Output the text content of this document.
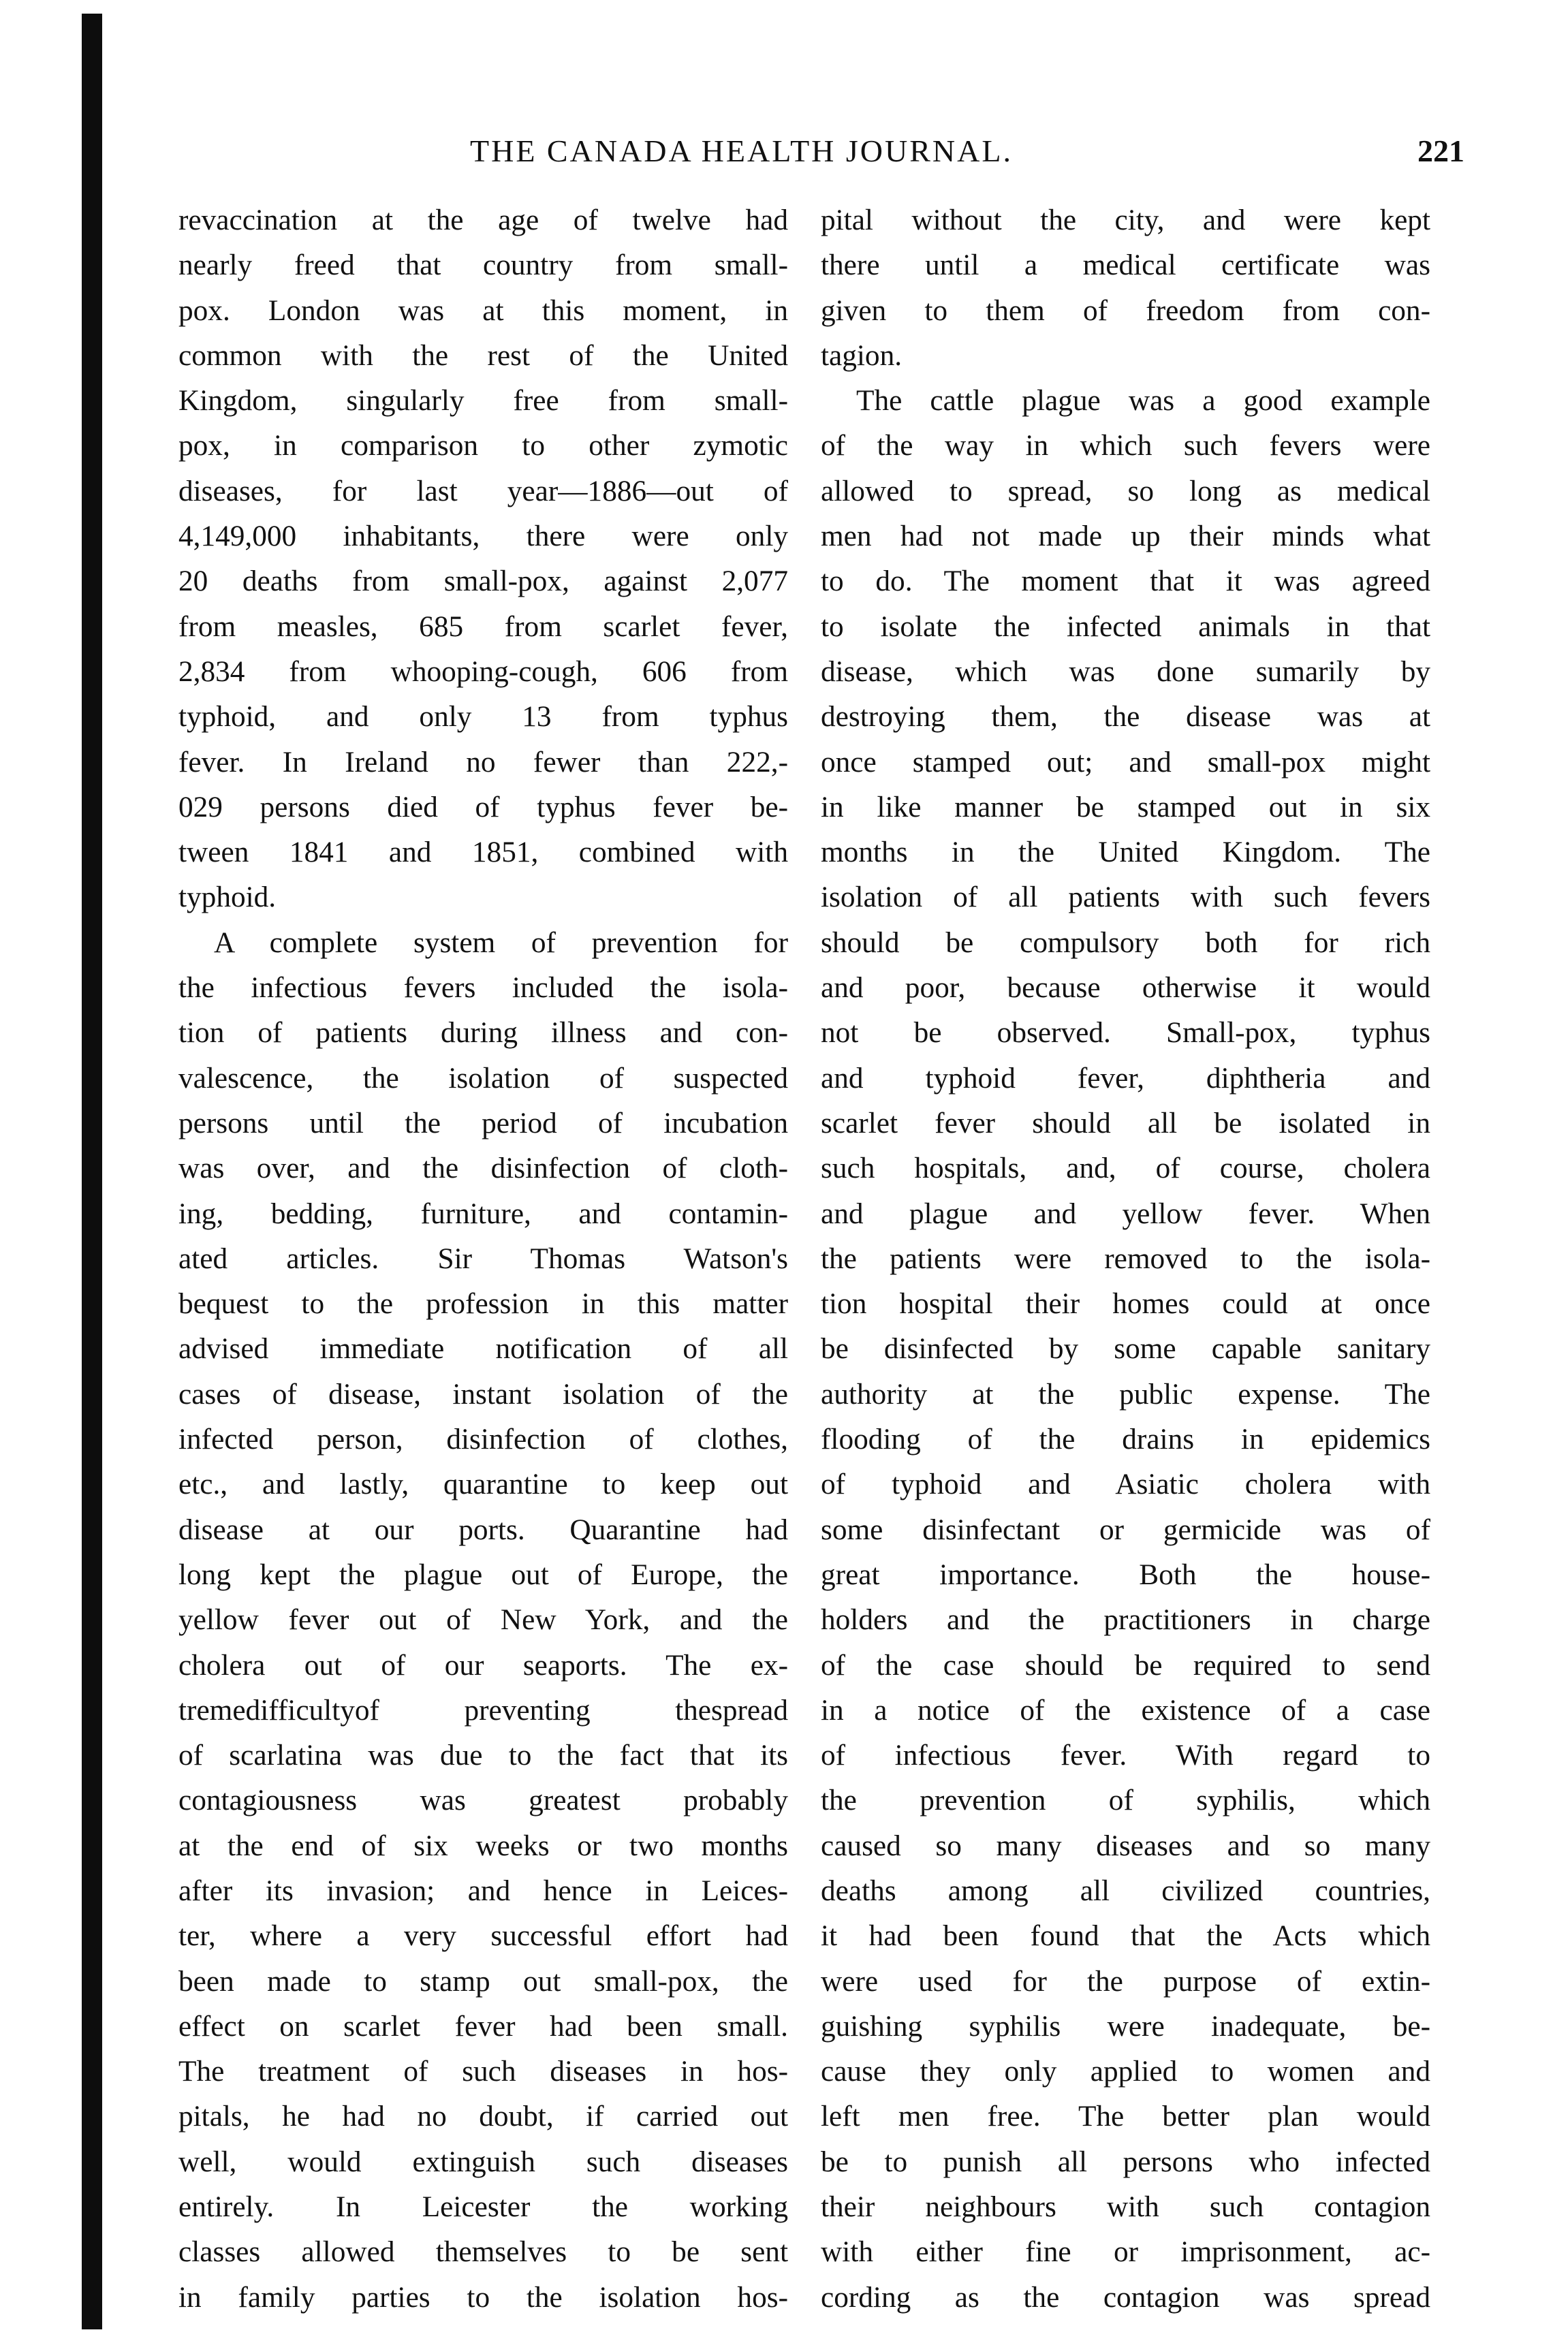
THE CANADA HEALTH JOURNAL.	221
revaccination at the age of twelve had
nearly freed that country from small-
pox. London was at this moment, in
common with the rest of the United
Kingdom, singularly free from small-
pox, in comparison to other zymotic
diseases, for last year—1886—out of
4,149,000 inhabitants, there were only
20 deaths from small-pox, against 2,077
from measles, 685 from scarlet fever,
2,834 from whooping-cough, 606 from
typhoid, and only 13 from typhus
fever. In Ireland no fewer than 222,-
029 persons died of typhus fever be-
tween 1841 and 1851, combined with
typhoid.
A complete system of prevention for
the infectious fevers included the isola-
tion of patients during illness and con-
valescence, the isolation of suspected
persons until the period of incubation
was over, and the disinfection of cloth-
ing, bedding, furniture, and contamin-
ated articles. Sir Thomas Watson's
bequest to the profession in this matter
advised immediate notification of all
cases of disease, instant isolation of the
infected person, disinfection of clothes,
etc., and lastly, quarantine to keep out
disease at our ports. Quarantine had
long kept the plague out of Europe, the
yellow fever out of New York, and the
cholera out of our seaports. The ex-
tremedifficultyof preventing thespread
of scarlatina was due to the fact that its
contagiousness was greatest probably
at the end of six weeks or two months
after its invasion; and hence in Leices-
ter, where a very successful effort had
been made to stamp out small-pox, the
effect on scarlet fever had been small.
The treatment of such diseases in hos-
pitals, he had no doubt, if carried out
well, would extinguish such diseases
entirely. In Leicester the working
classes allowed themselves to be sent
in family parties to the isolation hos-
pital without the city, and were kept
there until a medical certificate was
given to them of freedom from con-
tagion.
The cattle plague was a good example
of the way in which such fevers were
allowed to spread, so long as medical
men had not made up their minds what
to do. The moment that it was agreed
to isolate the infected animals in that
disease, which was done sumarily by
destroying them, the disease was at
once stamped out; and small-pox might
in like manner be stamped out in six
months in the United Kingdom. The
isolation of all patients with such fevers
should be compulsory both for rich
and poor, because otherwise it would
not be observed. Small-pox, typhus
and typhoid fever, diphtheria and
scarlet fever should all be isolated in
such hospitals, and, of course, cholera
and plague and yellow fever. When
the patients were removed to the isola-
tion hospital their homes could at once
be disinfected by some capable sanitary
authority at the public expense. The
flooding of the drains in epidemics
of typhoid and Asiatic cholera with
some disinfectant or germicide was of
great importance. Both the house-
holders and the practitioners in charge
of the case should be required to send
in a notice of the existence of a case
of infectious fever. With regard to
the prevention of syphilis, which
caused so many diseases and so many
deaths among all civilized countries,
it had been found that the Acts which
were used for the purpose of extin-
guishing syphilis were inadequate, be-
cause they only applied to women and
left men free. The better plan would
be to punish all persons who infected
their neighbours with such contagion
with either fine or imprisonment, ac-
cording as the contagion was spread
